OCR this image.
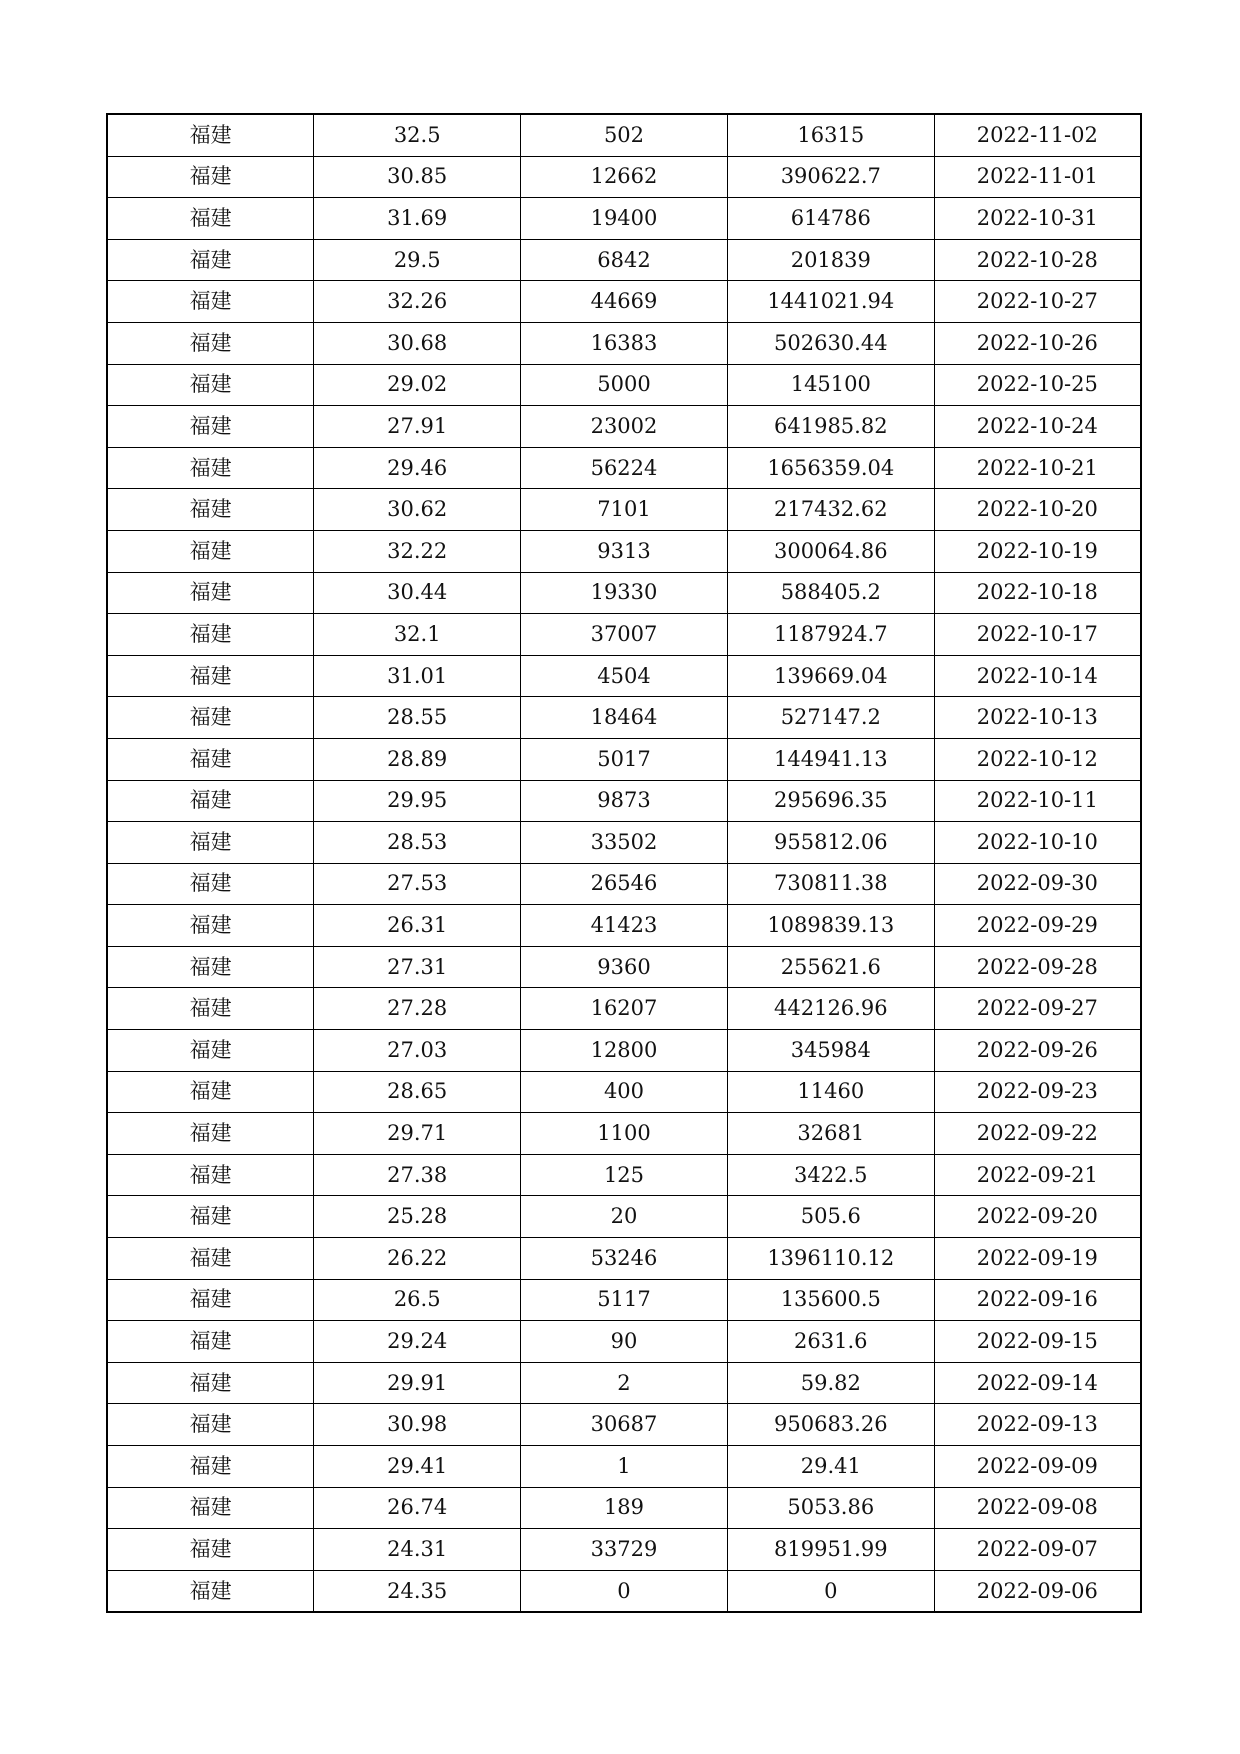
福建	32.5	502	16315	2022-11-02
福建	30.85	12662	390622.7	2022-11-01
福建	31.69	19400	614786	2022-10-31
福建	29.5	6842	201839	2022-10-28
福建	32.26	44669	1441021.94	2022-10-27
福建	30.68	16383	502630.44	2022-10-26
福建	29.02	5000	145100	2022-10-25
福建	27.91	23002	641985.82	2022-10-24
福建	29.46	56224	1656359.04	2022-10-21
福建	30.62	7101	217432.62	2022-10-20
福建	32.22	9313	300064.86	2022-10-19
福建	30.44	19330	588405.2	2022-10-18
福建	32.1	37007	1187924.7	2022-10-17
福建	31.01	4504	139669.04	2022-10-14
福建	28.55	18464	527147.2	2022-10-13
福建	28.89	5017	144941.13	2022-10-12
福建	29.95	9873	295696.35	2022-10-11
福建	28.53	33502	955812.06	2022-10-10
福建	27.53	26546	730811.38	2022-09-30
福建	26.31	41423	1089839.13	2022-09-29
福建	27.31	9360	255621.6	2022-09-28
福建	27.28	16207	442126.96	2022-09-27
福建	27.03	12800	345984	2022-09-26
福建	28.65	400	11460	2022-09-23
福建	29.71	1100	32681	2022-09-22
福建	27.38	125	3422.5	2022-09-21
福建	25.28	20	505.6	2022-09-20
福建	26.22	53246	1396110.12	2022-09-19
福建	26.5	5117	135600.5	2022-09-16
福建	29.24	90	2631.6	2022-09-15
福建	29.91	2	59.82	2022-09-14
福建	30.98	30687	950683.26	2022-09-13
福建	29.41	1	29.41	2022-09-09
福建	26.74	189	5053.86	2022-09-08
福建	24.31	33729	819951.99	2022-09-07
福建	24.35	0	0	2022-09-06
